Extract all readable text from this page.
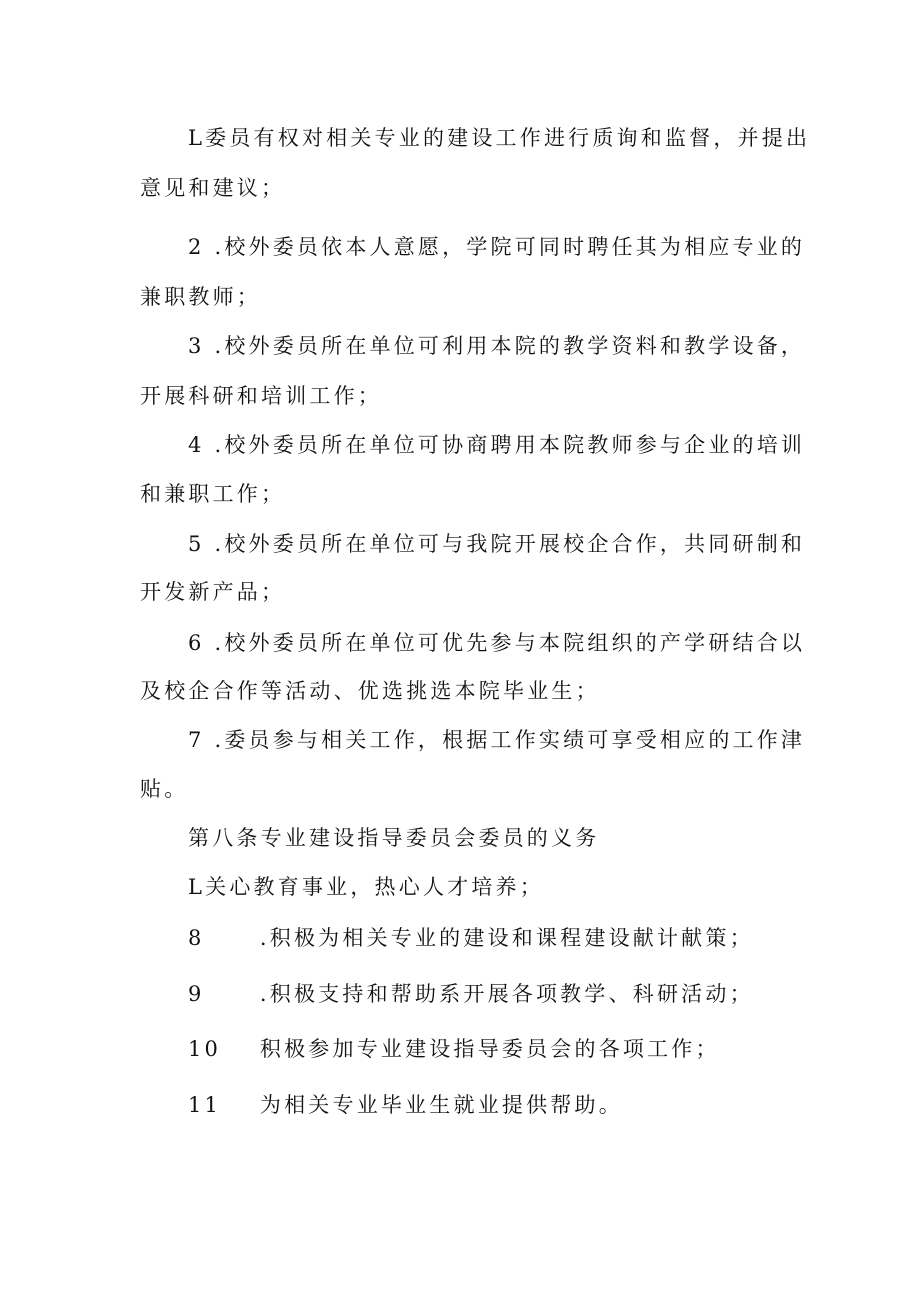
L委员有权对相关专业的建设工作进行质询和监督，并提出
意见和建议；
2 .校外委员依本人意愿，学院可同时聘任其为相应专业的
兼职教师；
3 .校外委员所在单位可利用本院的教学资料和教学设备，
开展科研和培训工作；
4 .校外委员所在单位可协商聘用本院教师参与企业的培训
和兼职工作；
5 .校外委员所在单位可与我院开展校企合作，共同研制和
开发新产品；
6 .校外委员所在单位可优先参与本院组织的产学研结合以
及校企合作等活动、优选挑选本院毕业生；
7 .委员参与相关工作，根据工作实绩可享受相应的工作津
贴。
第八条专业建设指导委员会委员的义务
L关心教育事业，热心人才培养；
8	.积极为相关专业的建设和课程建设献计献策；
9	.积极支持和帮助系开展各项教学、科研活动；
10 积极参加专业建设指导委员会的各项工作；
11 为相关专业毕业生就业提供帮助。
